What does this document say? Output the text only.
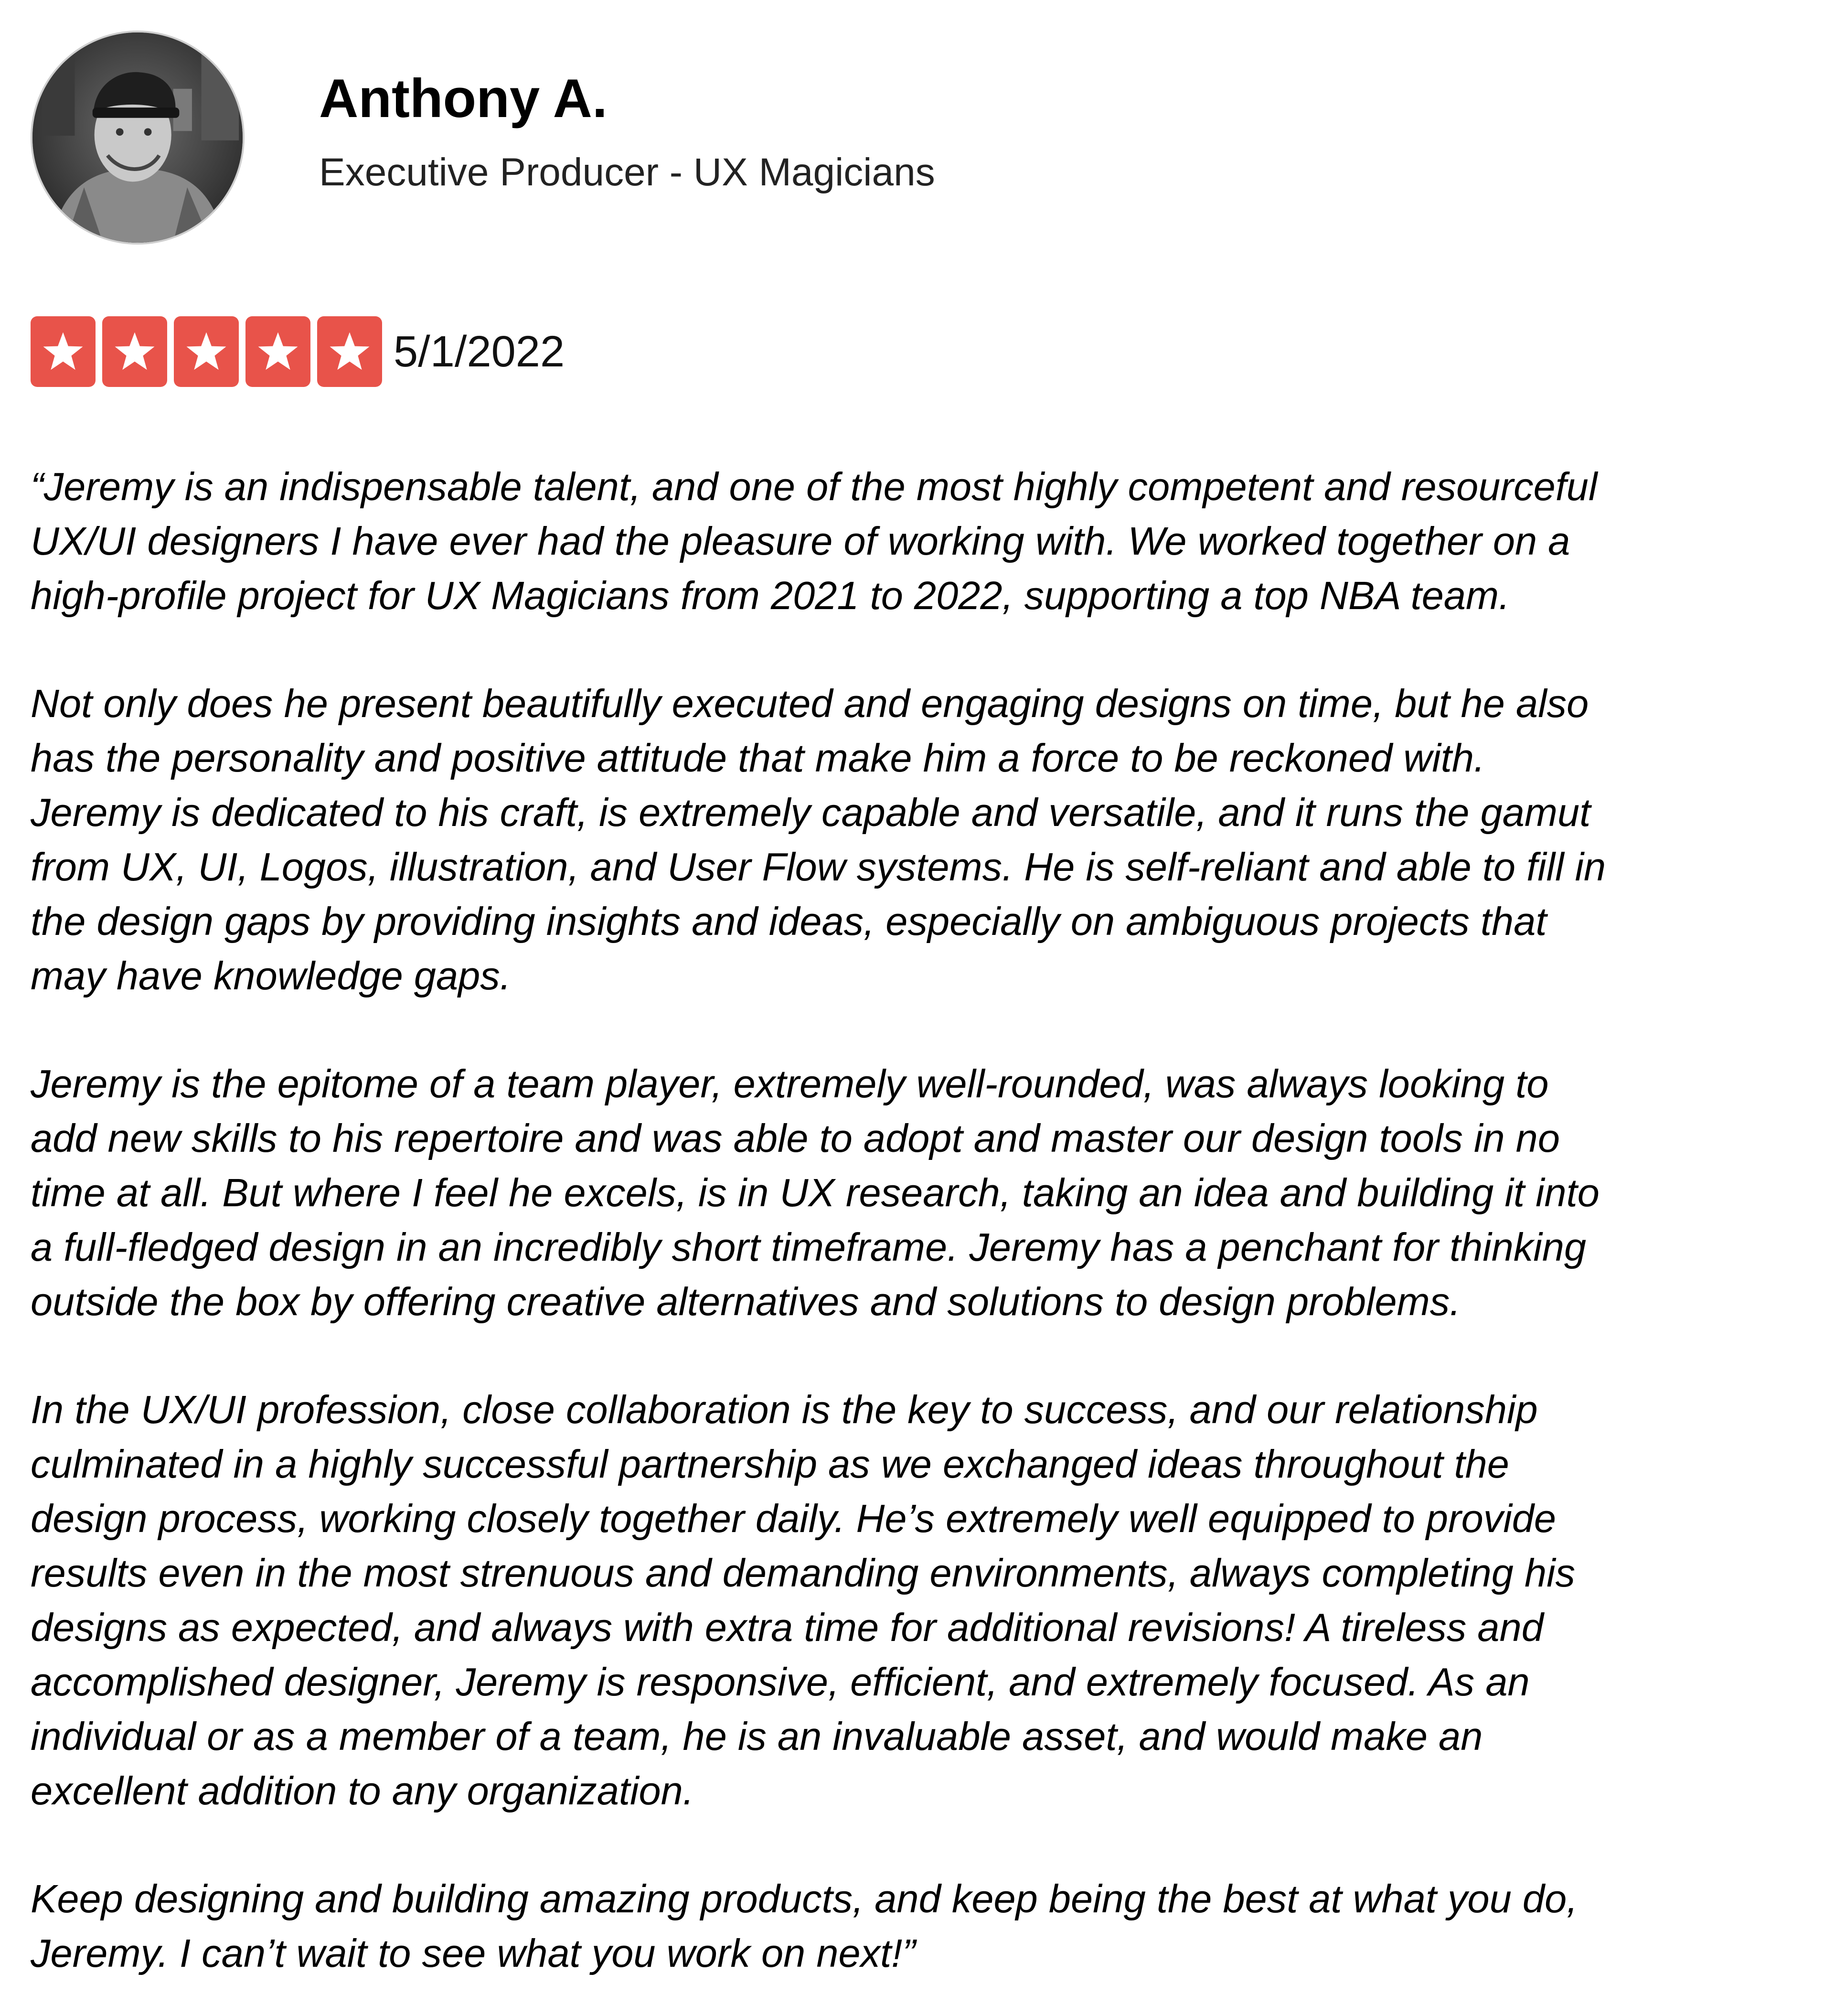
Anthony A.
Executive Producer - UX Magicians
5/1/2022

“Jeremy is an indispensable talent, and one of the most highly competent and resourceful
UX/UI designers I have ever had the pleasure of working with. We worked together on a
high-profile project for UX Magicians from 2021 to 2022, supporting a top NBA team.

Not only does he present beautifully executed and engaging designs on time, but he also
has the personality and positive attitude that make him a force to be reckoned with.
Jeremy is dedicated to his craft, is extremely capable and versatile, and it runs the gamut
from UX, UI, Logos, illustration, and User Flow systems. He is self-reliant and able to fill in
the design gaps by providing insights and ideas, especially on ambiguous projects that
may have knowledge gaps.

Jeremy is the epitome of a team player, extremely well-rounded, was always looking to
add new skills to his repertoire and was able to adopt and master our design tools in no
time at all. But where I feel he excels, is in UX research, taking an idea and building it into
a full-fledged design in an incredibly short timeframe. Jeremy has a penchant for thinking
outside the box by offering creative alternatives and solutions to design problems.

In the UX/UI profession, close collaboration is the key to success, and our relationship
culminated in a highly successful partnership as we exchanged ideas throughout the
design process, working closely together daily. He’s extremely well equipped to provide
results even in the most strenuous and demanding environments, always completing his
designs as expected, and always with extra time for additional revisions! A tireless and
accomplished designer, Jeremy is responsive, efficient, and extremely focused. As an
individual or as a member of a team, he is an invaluable asset, and would make an
excellent addition to any organization.

Keep designing and building amazing products, and keep being the best at what you do,
Jeremy. I can’t wait to see what you work on next!”
